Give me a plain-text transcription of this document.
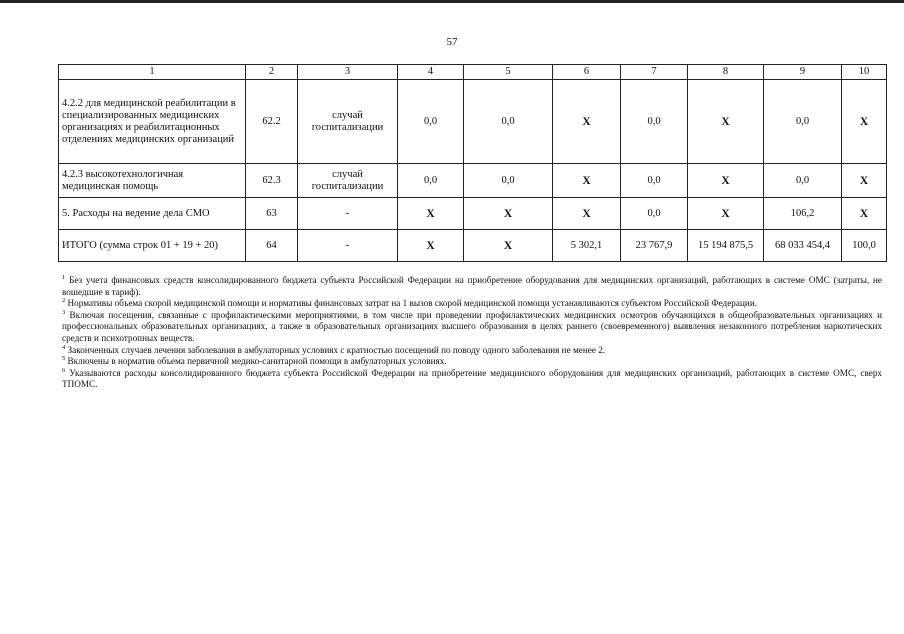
57
1	2	3	4	5	6	7	8	9	10
4.2.2 для медицинской реабилитации в специализированных медицинских организациях и реабилитационных отделениях медицинских организаций	62.2	случай госпитализации	0,0	0,0	X	0,0	X	0,0	X
4.2.3 высокотехнологичная медицинская помощь	62.3	случай госпитализации	0,0	0,0	X	0,0	X	0,0	X
5. Расходы на ведение дела СМО	63	-	X	X	X	0,0	X	106,2	X
ИТОГО (сумма строк 01 + 19 + 20)	64	-	X	X	5 302,1	23 767,9	15 194 875,5	68 033 454,4	100,0

$^1$ Без учета финансовых средств консолидированного бюджета субъекта Российской Федерации на приобретение оборудования для медицинских организаций, работающих в системе ОМС (затраты, не вошедшие в тариф).

$^2$ Нормативы объема скорой медицинской помощи и нормативы финансовых затрат на 1 вызов скорой медицинской помощи устанавливаются субъектом Российской Федерации.

$^3$ Включая посещения, связанные с профилактическими мероприятиями, в том числе при проведении профилактических медицинских осмотров обучающихся в общеобразовательных организациях и профессиональных образовательных организациях, а также в образовательных организациях высшего образования в целях раннего (своевременного) выявления незаконного потребления наркотических средств и психотропных веществ.

$^4$ Законченных случаев лечения заболевания в амбулаторных условиях с кратностью посещений по поводу одного заболевания не менее 2.

$^5$ Включены в норматив объема первичной медико-санитарной помощи в амбулаторных условиях.

$^6$ Указываются расходы консолидированного бюджета субъекта Российской Федерации на приобретение медицинского оборудования для медицинских организаций, работающих в системе ОМС, сверх ТПОМС.
